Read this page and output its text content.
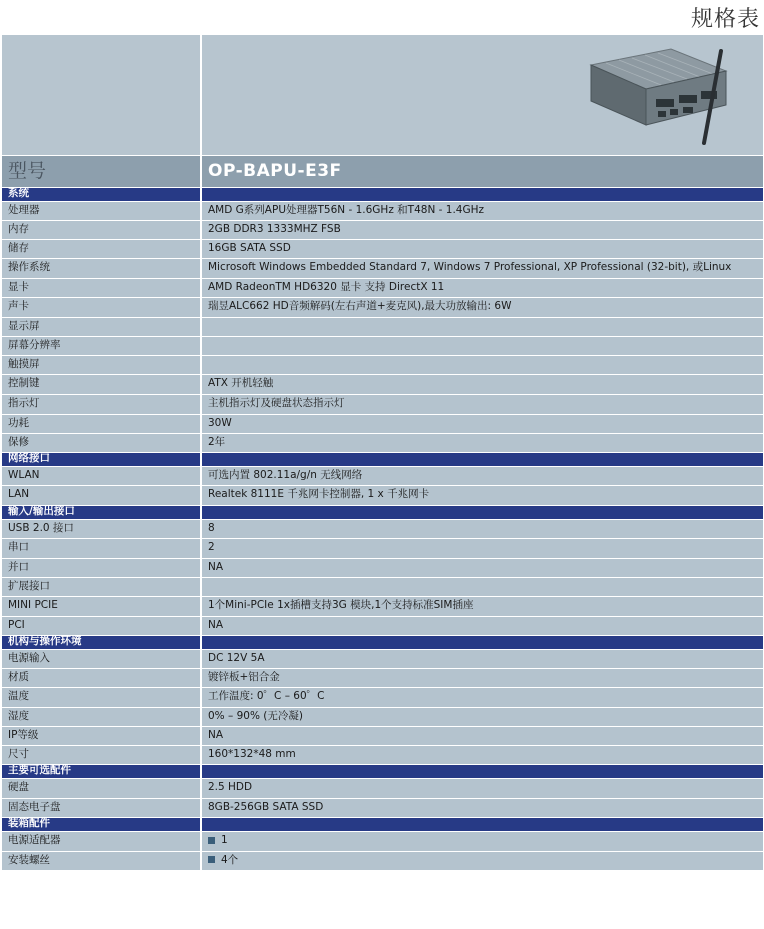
规格表

型号	OP-BAPU-E3F
系统	
处理器	AMD G系列APU处理器T56N - 1.6GHz 和T48N - 1.4GHz
内存	2GB DDR3 1333MHZ FSB
储存	16GB SATA SSD
操作系统	Microsoft Windows Embedded Standard 7, Windows 7 Professional, XP Professional (32-bit), 或Linux
显卡	AMD RadeonTM HD6320 显卡 支持 DirectX 11
声卡	瑞昱ALC662 HD音频解码(左右声道+麦克风),最大功放输出: 6W
显示屏	
屏幕分辨率	
触摸屏	
控制键	ATX 开机轻触
指示灯	主机指示灯及硬盘状态指示灯
功耗	30W
保修	2年
网络接口	
WLAN	可选内置 802.11a/g/n 无线网络
LAN	Realtek 8111E 千兆网卡控制器, 1 x 千兆网卡
输入/输出接口	
USB 2.0 接口	8
串口	2
并口	NA
扩展接口	
MINI PCIE	1个Mini-PCIe 1x插槽支持3G 模块,1个支持标准SIM插座
PCI	NA
机构与操作环境	
电源输入	DC 12V 5A
材质	镀锌板+铝合金
温度	工作温度: 0゜C – 60゜C
湿度	0% – 90% (无冷凝)
IP等级	NA
尺寸	160*132*48 mm
主要可选配件	
硬盘	2.5 HDD
固态电子盘	8GB-256GB SATA SSD
装箱配件	
电源适配器	1
安装螺丝	4个
